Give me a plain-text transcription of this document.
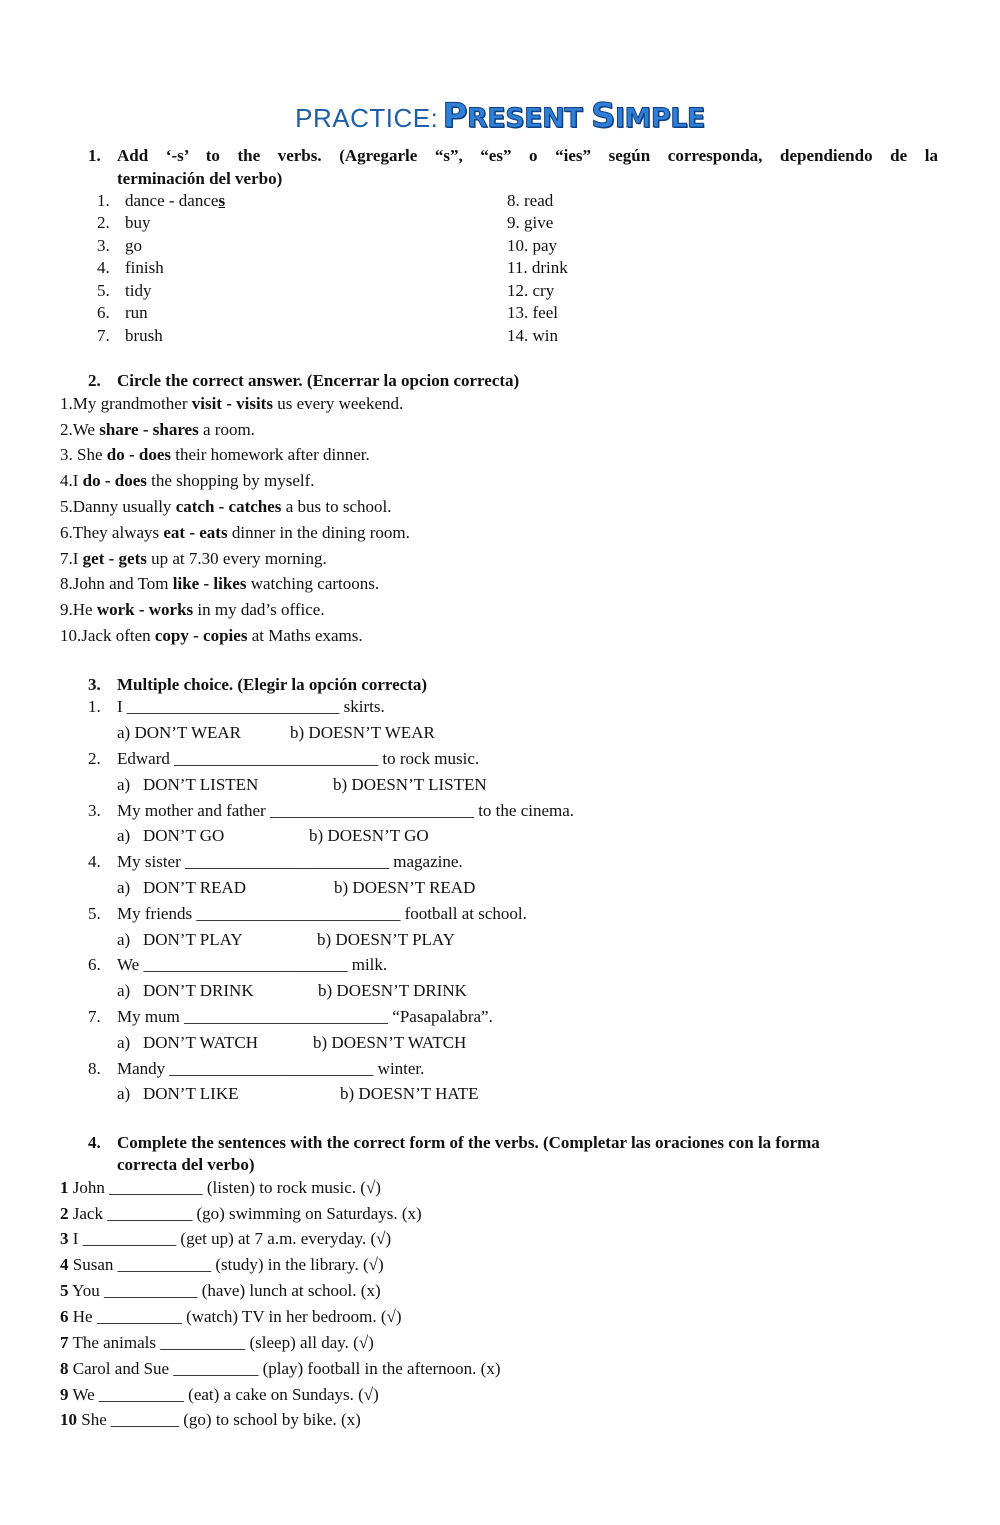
PRACTICE: PRESENT SIMPLE
1. Add ‘-s’ to the verbs. (Agregarle “s”, “es” o “ies” según corresponda, dependiendo de la
terminación del verbo)
1. dance - dances
2. buy
3. go
4. finish
5. tidy
6. run
7. brush
8. read
9. give
10. pay
11. drink
12. cry
13. feel
14. win
2. Circle the correct answer. (Encerrar la opcion correcta)
1.My grandmother visit - visits us every weekend.
2.We share - shares a room.
3. She do - does their homework after dinner.
4.I do - does the shopping by myself.
5.Danny usually catch - catches a bus to school.
6.They always eat - eats dinner in the dining room.
7.I get - gets up at 7.30 every morning.
8.John and Tom like - likes watching cartoons.
9.He work - works in my dad’s office.
10.Jack often copy - copies at Maths exams.
3. Multiple choice. (Elegir la opción correcta)
1. I _________________________ skirts.
a) DON’T WEAR	b) DOESN’T WEAR
2. Edward ________________________ to rock music.
a)   DON’T LISTEN	b) DOESN’T LISTEN
3. My mother and father ________________________ to the cinema.
a)   DON’T GO	b) DOESN’T GO
4. My sister ________________________ magazine.
a)   DON’T READ	b) DOESN’T READ
5. My friends ________________________ football at school.
a)   DON’T PLAY	b) DOESN’T PLAY
6. We ________________________ milk.
a)   DON’T DRINK	b) DOESN’T DRINK
7. My mum ________________________ “Pasapalabra”.
a)   DON’T WATCH	b) DOESN’T WATCH
8. Mandy ________________________ winter.
a)   DON’T LIKE	b) DOESN’T HATE
4. Complete the sentences with the correct form of the verbs. (Completar las oraciones con la forma
correcta del verbo)
1 John ___________ (listen) to rock music. (√)
2 Jack __________ (go) swimming on Saturdays. (x)
3 I ___________ (get up) at 7 a.m. everyday. (√)
4 Susan ___________ (study) in the library. (√)
5 You ___________ (have) lunch at school. (x)
6 He __________ (watch) TV in her bedroom. (√)
7 The animals __________ (sleep) all day. (√)
8 Carol and Sue __________ (play) football in the afternoon. (x)
9 We __________ (eat) a cake on Sundays. (√)
10 She ________ (go) to school by bike. (x)
